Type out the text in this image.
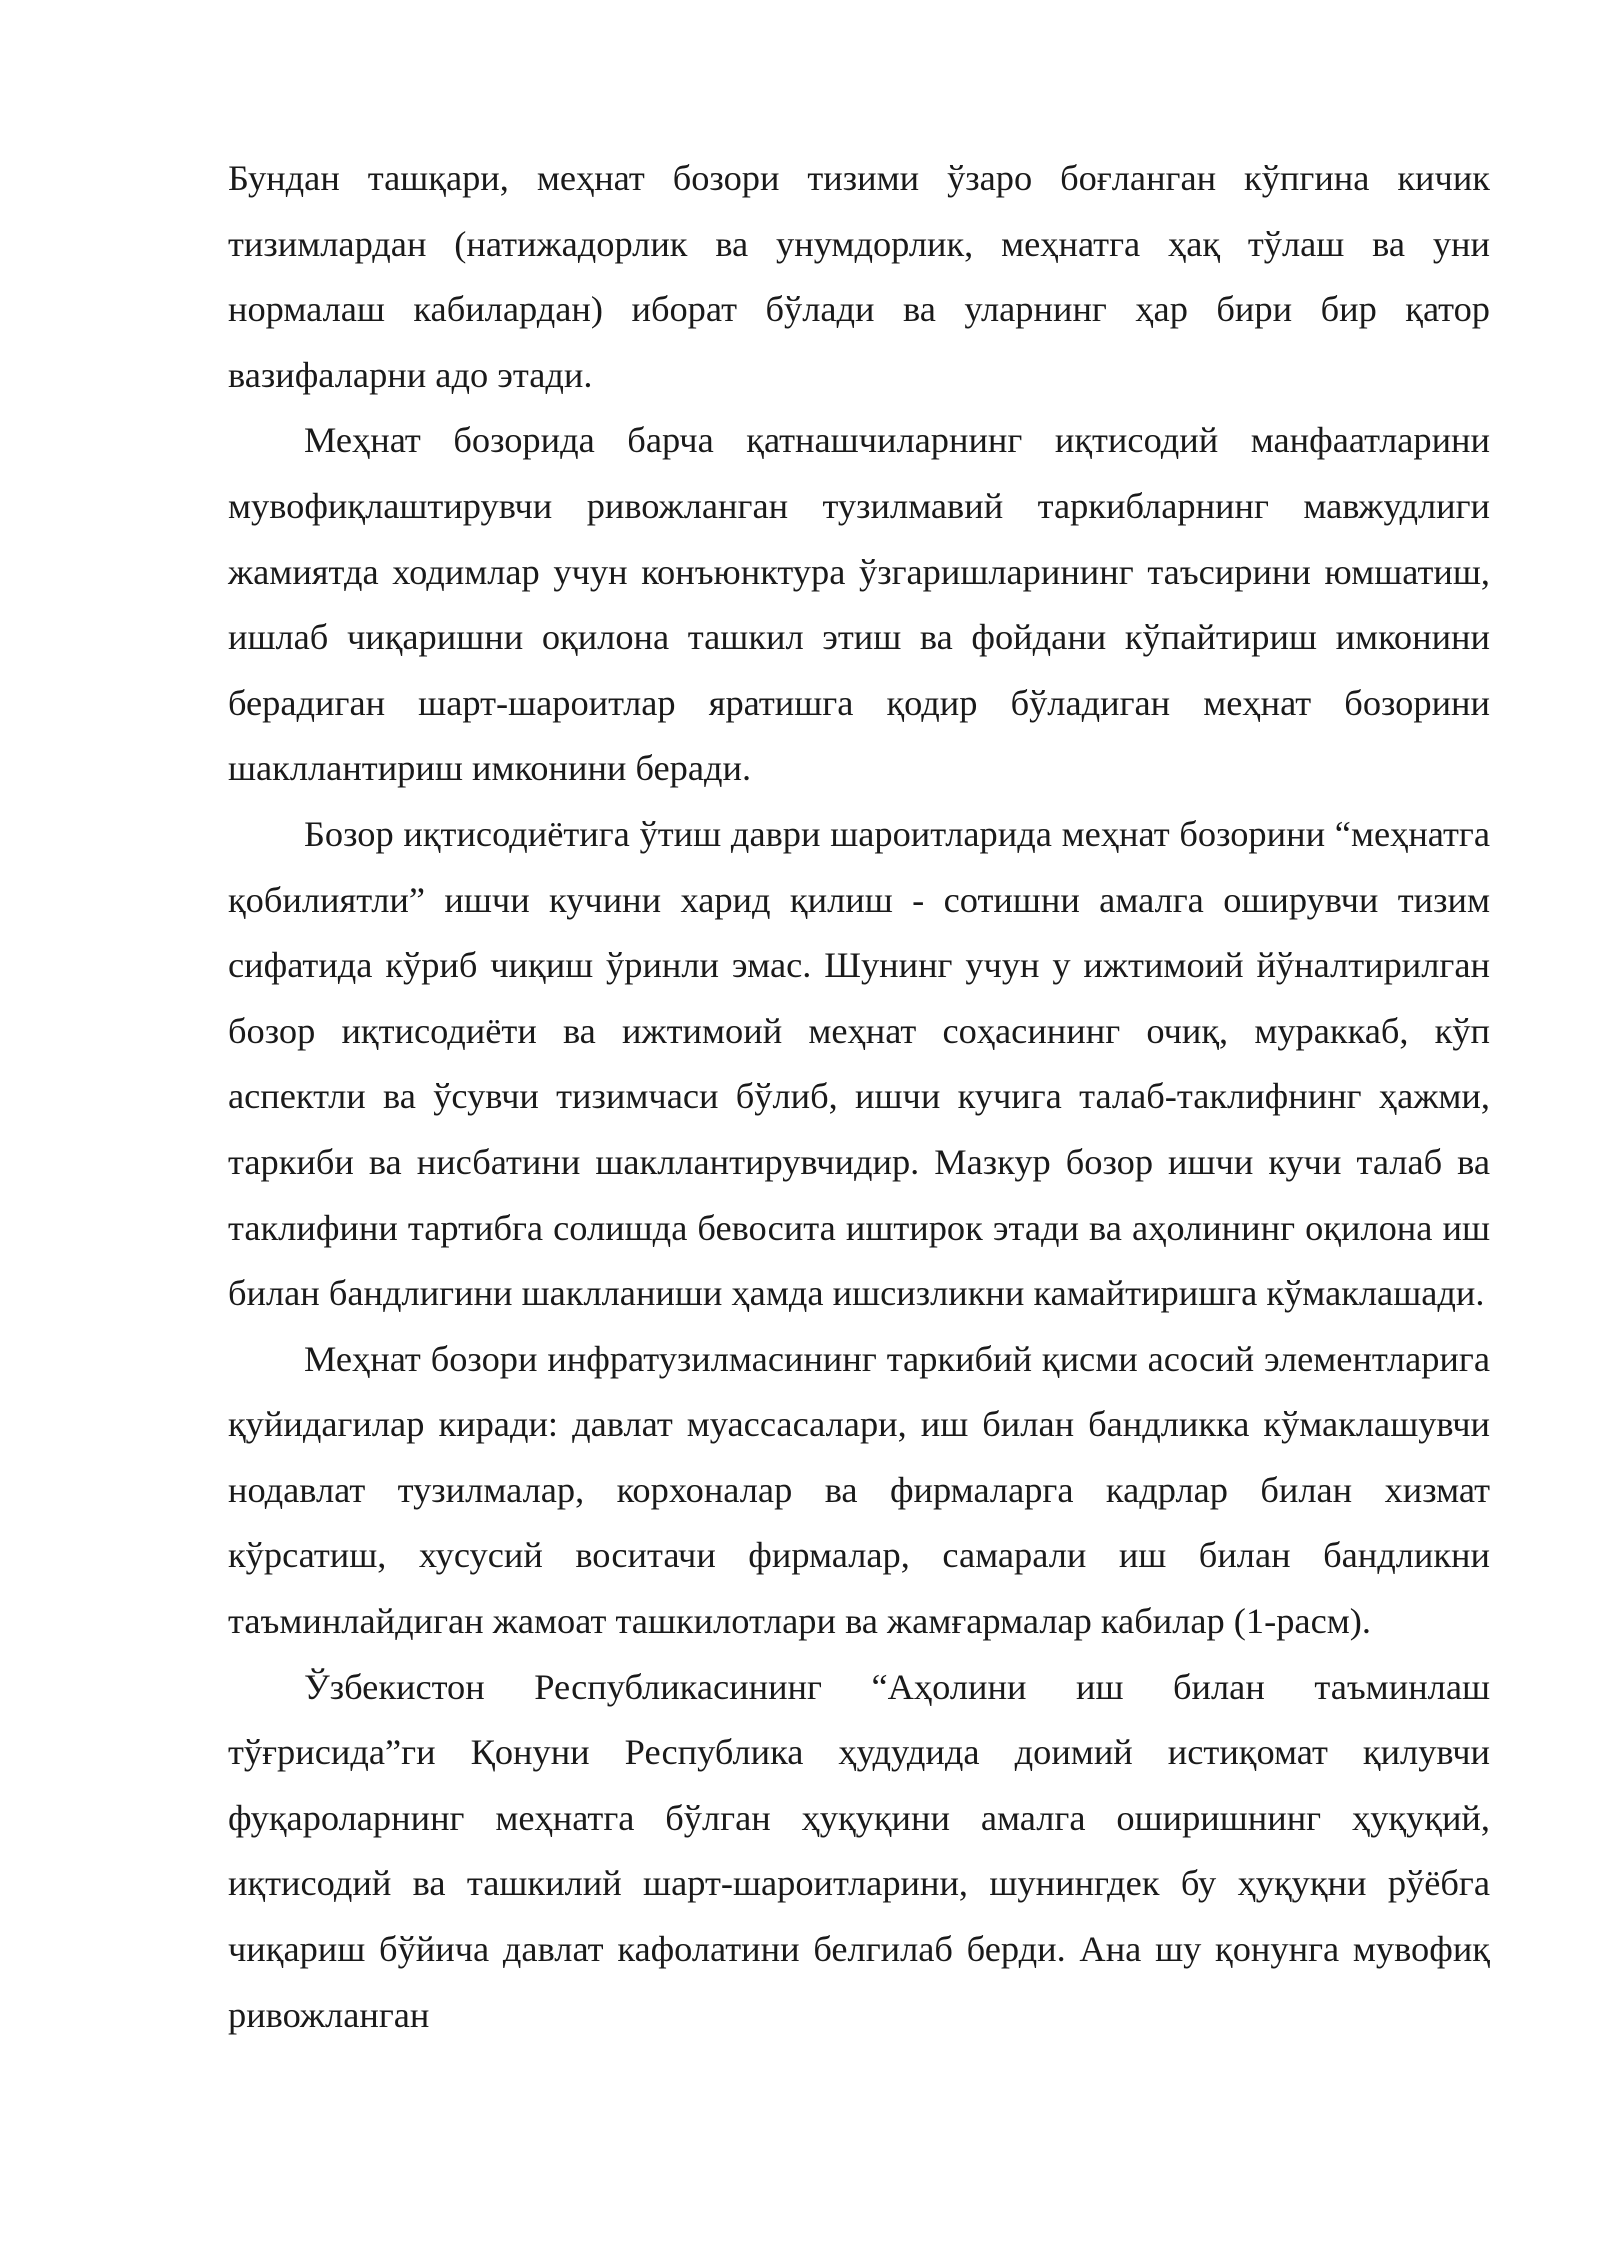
Бундан ташқари, меҳнат бозори тизими ўзаро боғланган кўпгина кичик тизимлардан (натижадорлик ва унумдорлик, меҳнатга ҳақ тўлаш ва уни нормалаш кабилардан) иборат бўлади ва уларнинг ҳар бири бир қатор вазифаларни адо этади.

Меҳнат бозорида барча қатнашчиларнинг иқтисодий манфаатларини мувофиқлаштирувчи ривожланган тузилмавий таркибларнинг мавжудлиги жамиятда ходимлар учун конъюнктура ўзгаришларининг таъсирини юмшатиш, ишлаб чиқаришни оқилона ташкил этиш ва фойдани кўпайтириш имконини берадиган шарт-шароитлар яратишга қодир бўладиган меҳнат бозорини шакллантириш имконини беради.

Бозор иқтисодиётига ўтиш даври шароитларида меҳнат бозорини “меҳнатга қобилиятли” ишчи кучини харид қилиш - сотишни амалга оширувчи тизим сифатида кўриб чиқиш ўринли эмас. Шунинг учун у ижтимоий йўналтирилган бозор иқтисодиёти ва ижтимоий меҳнат соҳасининг очиқ, мураккаб, кўп аспектли ва ўсувчи тизимчаси бўлиб, ишчи кучига талаб-таклифнинг ҳажми, таркиби ва нисбатини шакллантирувчидир. Мазкур бозор ишчи кучи талаб ва таклифини тартибга солишда бевосита иштирок этади ва аҳолининг оқилона иш билан бандлигини шаклланиши ҳамда ишсизликни камайтиришга кўмаклашади.

Меҳнат бозори инфратузилмасининг таркибий қисми асосий элементларига қуйидагилар киради: давлат муассасалари, иш билан бандликка кўмаклашувчи нодавлат тузилмалар, корхоналар ва фирмаларга кадрлар билан хизмат кўрсатиш, хусусий воситачи фирмалар, самарали иш билан бандликни таъминлайдиган жамоат ташкилотлари ва жамғармалар кабилар (1-расм).

Ўзбекистон Республикасининг “Аҳолини иш билан таъминлаш тўғрисида”ги Қонуни Республика ҳудудида доимий истиқомат қилувчи фуқароларнинг меҳнатга бўлган ҳуқуқини амалга оширишнинг ҳуқуқий, иқтисодий ва ташкилий шарт-шароитларини, шунингдек бу ҳуқуқни рўёбга чиқариш бўйича давлат кафолатини белгилаб берди. Ана шу қонунга мувофиқ ривожланган
